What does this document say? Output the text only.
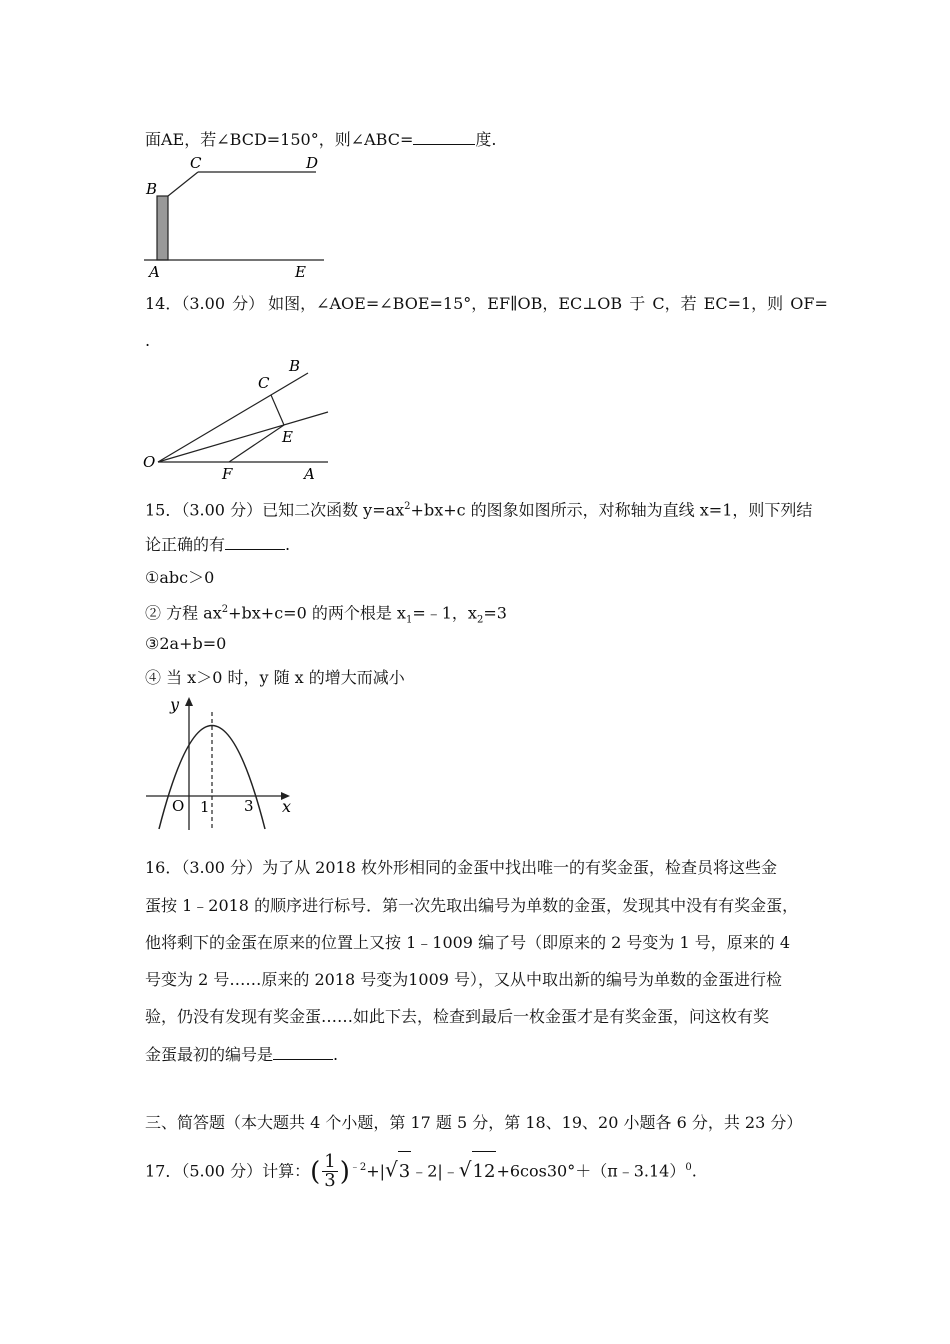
面AE，若∠BCD=150°，则∠ABC=	度.
B
C	D
A	E
14．（3.00 分） 如图，∠AOE=∠BOE=15°，EF∥OB，EC⊥OB 于 C，若 EC=1，则 OF=
.
O
F	A
E
C
B
15．（3.00 分）已知二次函数 $y=ax^2+bx+c$ 的图象如图所示，对称轴为直线 x=1，则下列结
论正确的有	.
①abc＞0
② 方程 $ax^2+bx+c=0$ 的两个根是 $x_1=﹣1$，$x_2=3$
③2a+b=0
④ 当 x＞0 时，y 随 x 的增大而减小
y
x
O 1 3
16．（3.00 分）为了从 2018 枚外形相同的金蛋中找出唯一的有奖金蛋，检查员将这些金
蛋按 1﹣2018 的顺序进行标号．第一次先取出编号为单数的金蛋，发现其中没有有奖金蛋，
他将剩下的金蛋在原来的位置上又按 1﹣1009 编了号（即原来的 2 号变为 1 号，原来的 4
号变为 2 号……原来的 2018 号变为1009 号），又从中取出新的编号为单数的金蛋进行检
验，仍没有发现有奖金蛋……如此下去，检查到最后一枚金蛋才是有奖金蛋，问这枚有奖
金蛋最初的编号是	.
三、简答题（本大题共 4 个小题，第 17 题 5 分，第 18、19、20 小题各 6 分，共 23 分）
17．（5.00 分）计算：( $\frac{1}{3}$ )$^{﹣2}$+|√3﹣2|﹣√12+6cos30°＋（π﹣3.14）$^0$.
